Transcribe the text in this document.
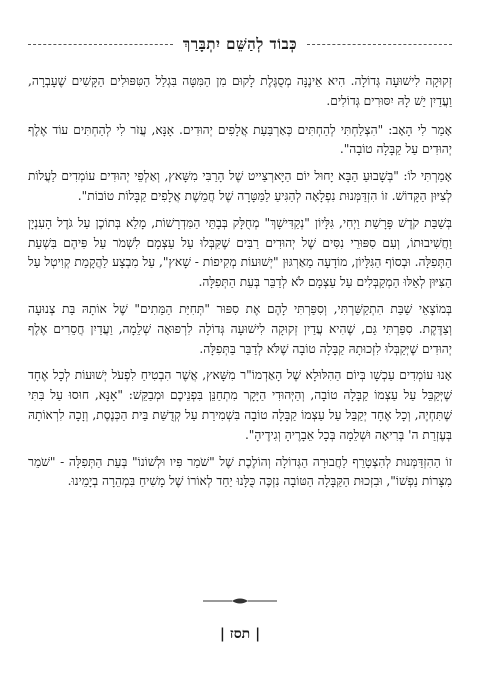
כְּבוֹד לְהַשֵּׁם יִתְבָּרַךְ

זְקוּקָה לִישׁוּעָה גְּדוֹלָה. הִיא אֵינֶנָּה מְסֻגֶּלֶת לָקוּם מִן הַמִּטָּה בִּגְלַל הַטִּפּוּלִים הַקָּשִׁים שֶׁעָבְרָה, וַעֲדַיִן יֵשׁ לָהּ יִסּוּרִים גְּדוֹלִים.

אָמַר לִי הָאָב: "הִצְלַחְתִּי לְהַחְתִּים כְּאַרְבַּעַת אֲלָפִים יְהוּדִים. אָנָּא, עֲזֹר לִי לְהַחְתִּים עוֹד אֶלֶף יְהוּדִים עַל קַבָּלָה טוֹבָה".

אָמַרְתִּי לוֹ: "בְּשָׁבוּעַ הַבָּא יָחוּל יוֹם הַיָּארְצַייט שֶׁל הָרַבִּי מִשָּׁאץ, וְאַלְפֵי יְהוּדִים עוֹמְדִים לַעֲלוֹת לְצִיּוּן הַקָּדוֹשׁ. זוֹ הִזְדַּמְּנוּת נִפְלָאָה לְהַגִּיעַ לַמַּטָּרָה שֶׁל חֲמֵשֶׁת אֲלָפִים קַבָּלוֹת טוֹבוֹת".

בְּשַׁבַּת קֹדֶשׁ פָּרָשַׁת וַיְחִי, גִּלָּיוֹן "נְקַדִּישָׁךְ" מְחֻלָּק בְּבָתֵּי הַמִּדְרָשׁוֹת, מָלֵא בְּתוֹכֶן עַל גֹּדֶל הָעִנְיָן וַחֲשִׁיבוּתוֹ, וְעִם סִפּוּרֵי נִסִּים שֶׁל יְהוּדִים רַבִּים שֶׁקִּבְּלוּ עַל עַצְמָם לִשְׁמֹר עַל פִּיהֶם בִּשְׁעַת הַתְּפִלָּה. וּבְסוֹף הַגִּלָּיוֹן, מוֹדָעָה מֵאַרְגּוּן "יְשׁוּעוֹת מְקִיפוֹת - שָׁאץ", עַל מִבְצָע לַהֲקָמַת קְוִיטְל עַל הַצִּיּוּן לְאֵלּוּ הַמְקַבְּלִים עַל עַצְמָם לֹא לְדַבֵּר בְּעֵת הַתְּפִלָּה.

בְּמוֹצָאֵי שַׁבַּת הִתְקַשַּׁרְתִּי, וְסִפַּרְתִּי לָהֶם אֶת סִפּוּר "תְּחִיַּת הַמֵּתִים" שֶׁל אוֹתָהּ בַּת צְנוּעָה וְצַדֶּקֶת. סִפַּרְתִּי גַּם, שֶׁהִיא עֲדַיִן זְקוּקָה לִישׁוּעָה גְּדוֹלָה לִרְפוּאָה שְׁלֵמָה, וַעֲדַיִן חֲסֵרִים אֶלֶף יְהוּדִים שֶׁיְּקַבְּלוּ לִזְכוּתָהּ קַבָּלָה טוֹבָה שֶׁלֹּא לְדַבֵּר בַּתְּפִלָּה.

אָנוּ עוֹמְדִים עַכְשָׁו בְּיוֹם הַהִלּוּלָא שֶׁל הָאַדְמוֹ"ר מִשָּׁאץ, אֲשֶׁר הִבְטִיחַ לִפְעֹל יְשׁוּעוֹת לְכָל אֶחָד שֶׁיְּקַבֵּל עַל עַצְמוֹ קַבָּלָה טוֹבָה, וְהַיְּהוּדִי הַיָּקָר מִתְחַנֵּן בִּפְנֵיכֶם וּמְבַקֵּשׁ: "אָנָּא, חוּסוּ עַל בִּתִּי שֶׁתִּחְיֶה, וְכָל אֶחָד יְקַבֵּל עַל עַצְמוֹ קַבָּלָה טוֹבָה בִּשְׁמִירַת עַל קְדֻשַּׁת בֵּית הַכְּנֶסֶת, וְזָכָה לִרְאוֹתָהּ בְּעֶזְרַת ה' בְּרִיאָה וּשְׁלֵמָה בְּכָל אֵבָרֶיהָ וְגִידֶיהָ".

זוֹ הַהִזְדַּמְּנוּת לְהִצְטָרֵף לַחֲבוּרָה הַגְּדוֹלָה וְהוֹלֶכֶת שֶׁל "שֹׁמֵר פִּיו וּלְשׁוֹנוֹ" בְּעֵת הַתְּפִלָּה - "שֹׁמֵר מִצָּרוֹת נַפְשׁוֹ", וּבִזְכוּת הַקַּבָּלָה הַטּוֹבָה נִזְכֶּה כֻּלָּנוּ יַחַד לְאוֹרוֹ שֶׁל מָשִׁיחַ בִּמְהֵרָה בְיָמֵינוּ.

| תסז |
